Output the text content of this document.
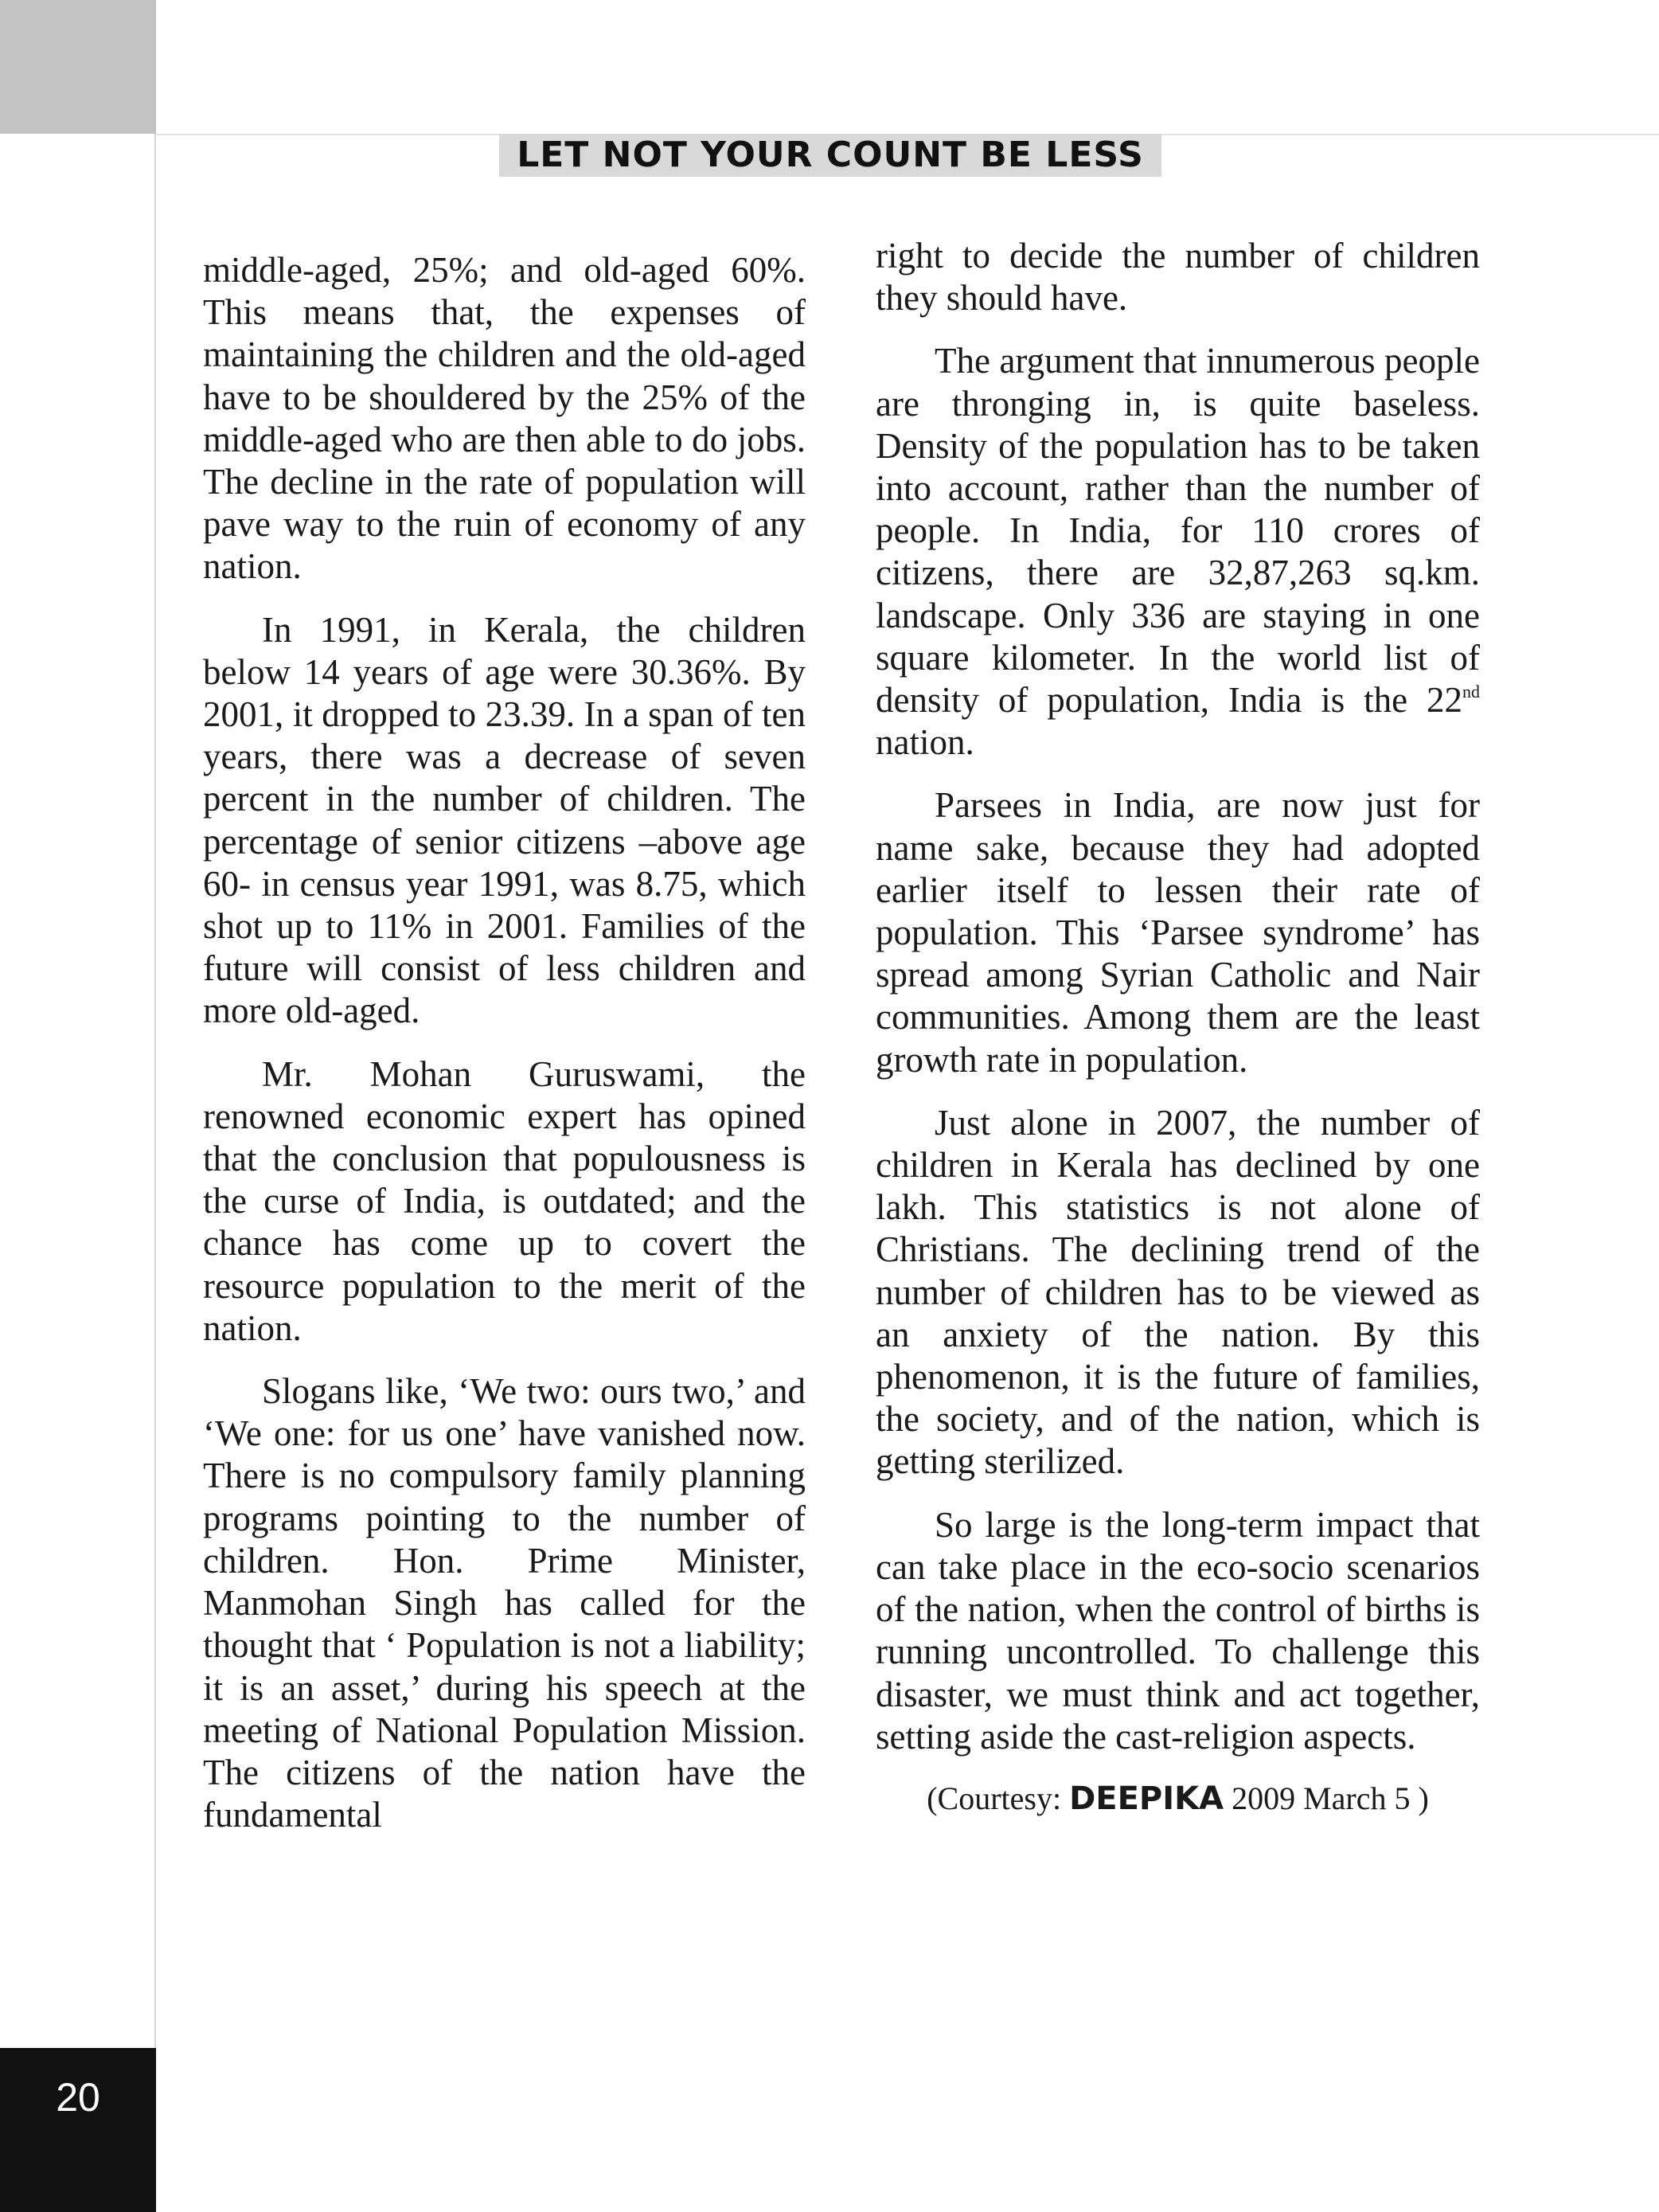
LET NOT YOUR COUNT BE LESS

middle-aged, 25%; and old-aged 60%. This means that, the expenses of maintaining the children and the old-aged have to be shouldered by the 25% of the middle-aged who are then able to do jobs. The decline in the rate of population will pave way to the ruin of economy of any nation.

In 1991, in Kerala, the children below 14 years of age were 30.36%. By 2001, it dropped to 23.39. In a span of ten years, there was a decrease of seven percent in the number of children. The percentage of senior citizens –above age 60- in census year 1991, was 8.75, which shot up to 11% in 2001. Families of the future will consist of less children and more old-aged.

Mr. Mohan Guruswami, the renowned economic expert has opined that the conclusion that populousness is the curse of India, is outdated; and the chance has come up to covert the resource population to the merit of the nation.

Slogans like, ‘We two: ours two,’ and ‘We one: for us one’ have vanished now. There is no compulsory family planning programs pointing to the number of children. Hon. Prime Minister, Manmohan Singh has called for the thought that ‘ Population is not a liability; it is an asset,’ during his speech at the meeting of National Population Mission. The citizens of the nation have the fundamental

right to decide the number of children they should have.

The argument that innumerous people are thronging in, is quite baseless. Density of the population has to be taken into account, rather than the number of people. In India, for 110 crores of citizens, there are 32,87,263 sq.km. landscape. Only 336 are staying in one square kilometer. In the world list of density of population, India is the 22nd nation.

Parsees in India, are now just for name sake, because they had adopted earlier itself to lessen their rate of population. This ‘Parsee syndrome’ has spread among Syrian Catholic and Nair communities. Among them are the least growth rate in population.

Just alone in 2007, the number of children in Kerala has declined by one lakh. This statistics is not alone of Christians. The declining trend of the number of children has to be viewed as an anxiety of the nation. By this phenomenon, it is the future of families, the society, and of the nation, which is getting sterilized.

So large is the long-term impact that can take place in the eco-socio scenarios of the nation, when the control of births is running uncontrolled. To challenge this disaster, we must think and act together, setting aside the cast-religion aspects.

(Courtesy: DEEPIKA 2009 March 5 )
20
